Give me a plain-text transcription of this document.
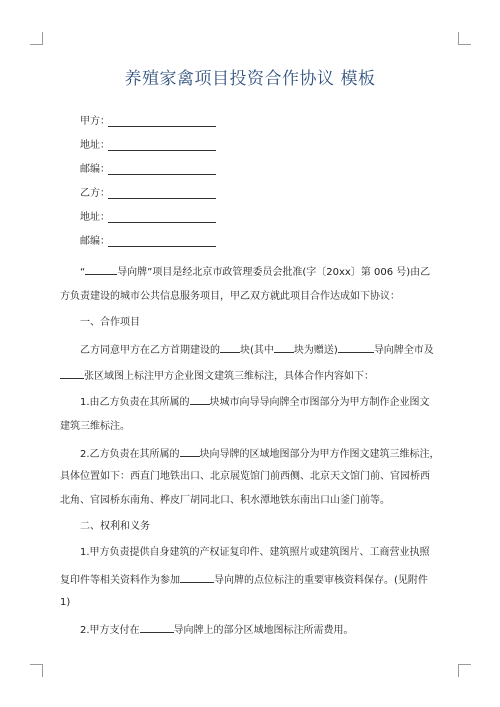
养殖家禽项目投资合作协议 模板
甲方：
地址：
邮编：
乙方：
地址：
邮编：
“	导向牌”项目是经北京市政管理委员会批准(字〔20xx〕第 006 号)由乙
方负责建设的城市公共信息服务项目，甲乙双方就此项目合作达成如下协议：
一、合作项目
乙方同意甲方在乙方首期建设的 块(其中 块为赠送)	导向牌全市及
张区域图上标注甲方企业图文建筑三维标注，具体合作内容如下：
1.由乙方负责在其所属的 块城市向导导向牌全市图部分为甲方制作企业图文
建筑三维标注。
2.乙方负责在其所属的 块向导牌的区域地图部分为甲方作图文建筑三维标注，
具体位置如下：西直门地铁出口、北京展览馆门前西侧、北京天文馆门前、官园桥西
北角、官园桥东南角、桦皮厂胡同北口、积水潭地铁东南出口山釜门前等。
二、权利和义务
1.甲方负责提供自身建筑的产权证复印件、建筑照片或建筑图片、工商营业执照
复印件等相关资料作为参加	导向牌的点位标注的重要审核资料保存。(见附件
1)
2.甲方支付在	导向牌上的部分区域地图标注所需费用。
